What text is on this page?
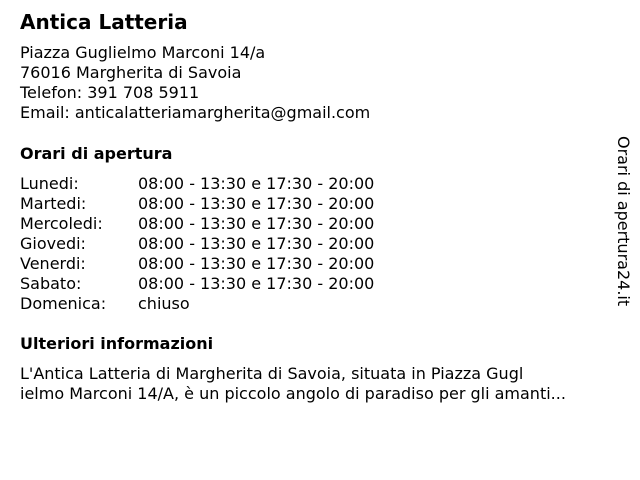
Antica Latteria
Piazza Guglielmo Marconi 14/a
76016 Margherita di Savoia
Telefon: 391 708 5911
Email: anticalatteriamargherita@gmail.com
Orari di apertura
Lunedi:	08:00 - 13:30 e 17:30 - 20:00
Martedi:	08:00 - 13:30 e 17:30 - 20:00
Mercoledi: 08:00 - 13:30 e 17:30 - 20:00
Giovedi:	08:00 - 13:30 e 17:30 - 20:00
Venerdi:	08:00 - 13:30 e 17:30 - 20:00
Sabato:	08:00 - 13:30 e 17:30 - 20:00
Domenica: chiuso
Ulteriori informazioni
L'Antica Latteria di Margherita di Savoia, situata in Piazza Gugl
ielmo Marconi 14/A, è un piccolo angolo di paradiso per gli amanti...
Orari di apertura24.it
